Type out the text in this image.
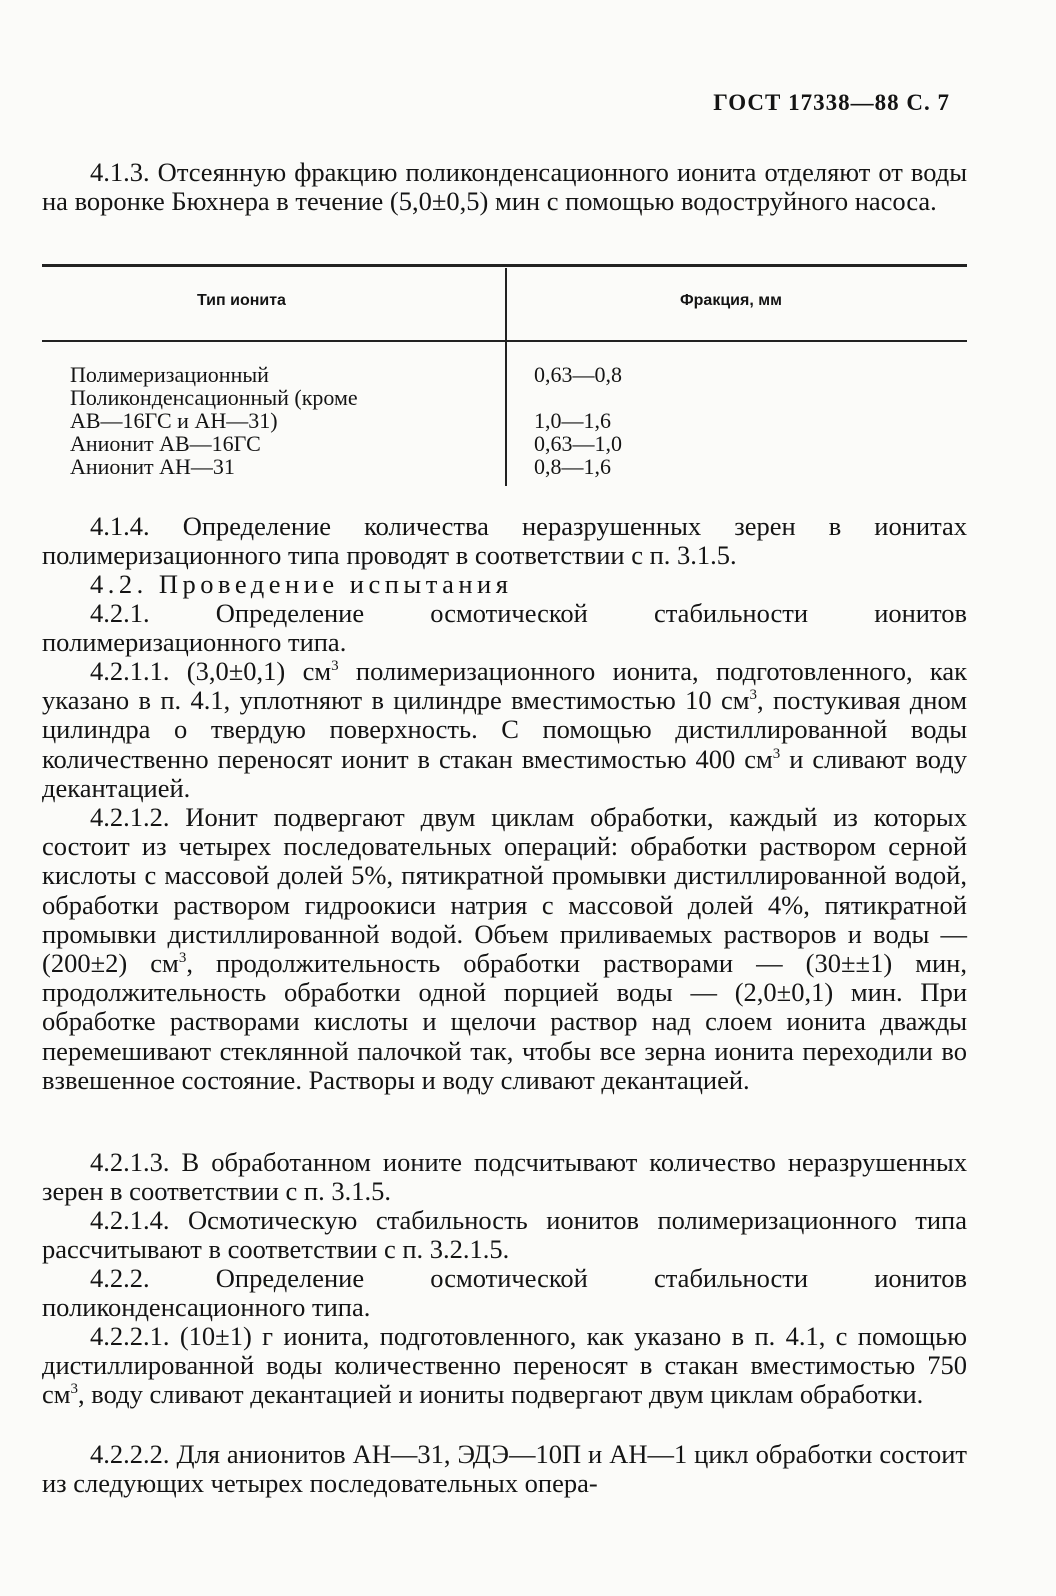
ГОСТ 17338—88 С. 7

4.1.3. Отсеянную фракцию поликонденсационного ионита отделяют от воды на воронке Бюхнера в течение (5,0±0,5) мин с помощью водоструйного насоса.

Тип ионита	Фракция, мм
Полимеризационный	0,63—0,8
Поликонденсационный (кроме
АВ—16ГС и АН—31)	1,0—1,6
Анионит АВ—16ГС	0,63—1,0
Анионит АН—31	0,8—1,6

4.1.4. Определение количества неразрушенных зерен в ионитах полимеризационного типа проводят в соответствии с п. 3.1.5.

4.2. Проведение испытания

4.2.1. Определение осмотической стабильности ионитов полимеризационного типа.

4.2.1.1. (3,0±0,1) $см^3$ полимеризационного ионита, подготовленного, как указано в п. 4.1, уплотняют в цилиндре вместимостью 10 $см^3$, постукивая дном цилиндра о твердую поверхность. С помощью дистиллированной воды количественно переносят ионит в стакан вместимостью 400 $см^3$ и сливают воду декантацией.

4.2.1.2. Ионит подвергают двум циклам обработки, каждый из которых состоит из четырех последовательных операций: обработки раствором серной кислоты с массовой долей 5%, пятикратной промывки дистиллированной водой, обработки раствором гидроокиси натрия с массовой долей 4%, пятикратной промывки дистиллированной водой. Объем приливаемых растворов и воды — (200±2) $см^3$, продолжительность обработки растворами — (30±±1) мин, продолжительность обработки одной порцией воды — (2,0±0,1) мин. При обработке растворами кислоты и щелочи раствор над слоем ионита дважды перемешивают стеклянной палочкой так, чтобы все зерна ионита переходили во взвешенное состояние. Растворы и воду сливают декантацией.

4.2.1.3. В обработанном ионите подсчитывают количество неразрушенных зерен в соответствии с п. 3.1.5.

4.2.1.4. Осмотическую стабильность ионитов полимеризационного типа рассчитывают в соответствии с п. 3.2.1.5.

4.2.2. Определение осмотической стабильности ионитов поликонденсационного типа.

4.2.2.1. (10±1) г ионита, подготовленного, как указано в п. 4.1, с помощью дистиллированной воды количественно переносят в стакан вместимостью 750 $см^3$, воду сливают декантацией и иониты подвергают двум циклам обработки.

4.2.2.2. Для анионитов АН—31, ЭДЭ—10П и АН—1 цикл обработки состоит из следующих четырех последовательных опера-
